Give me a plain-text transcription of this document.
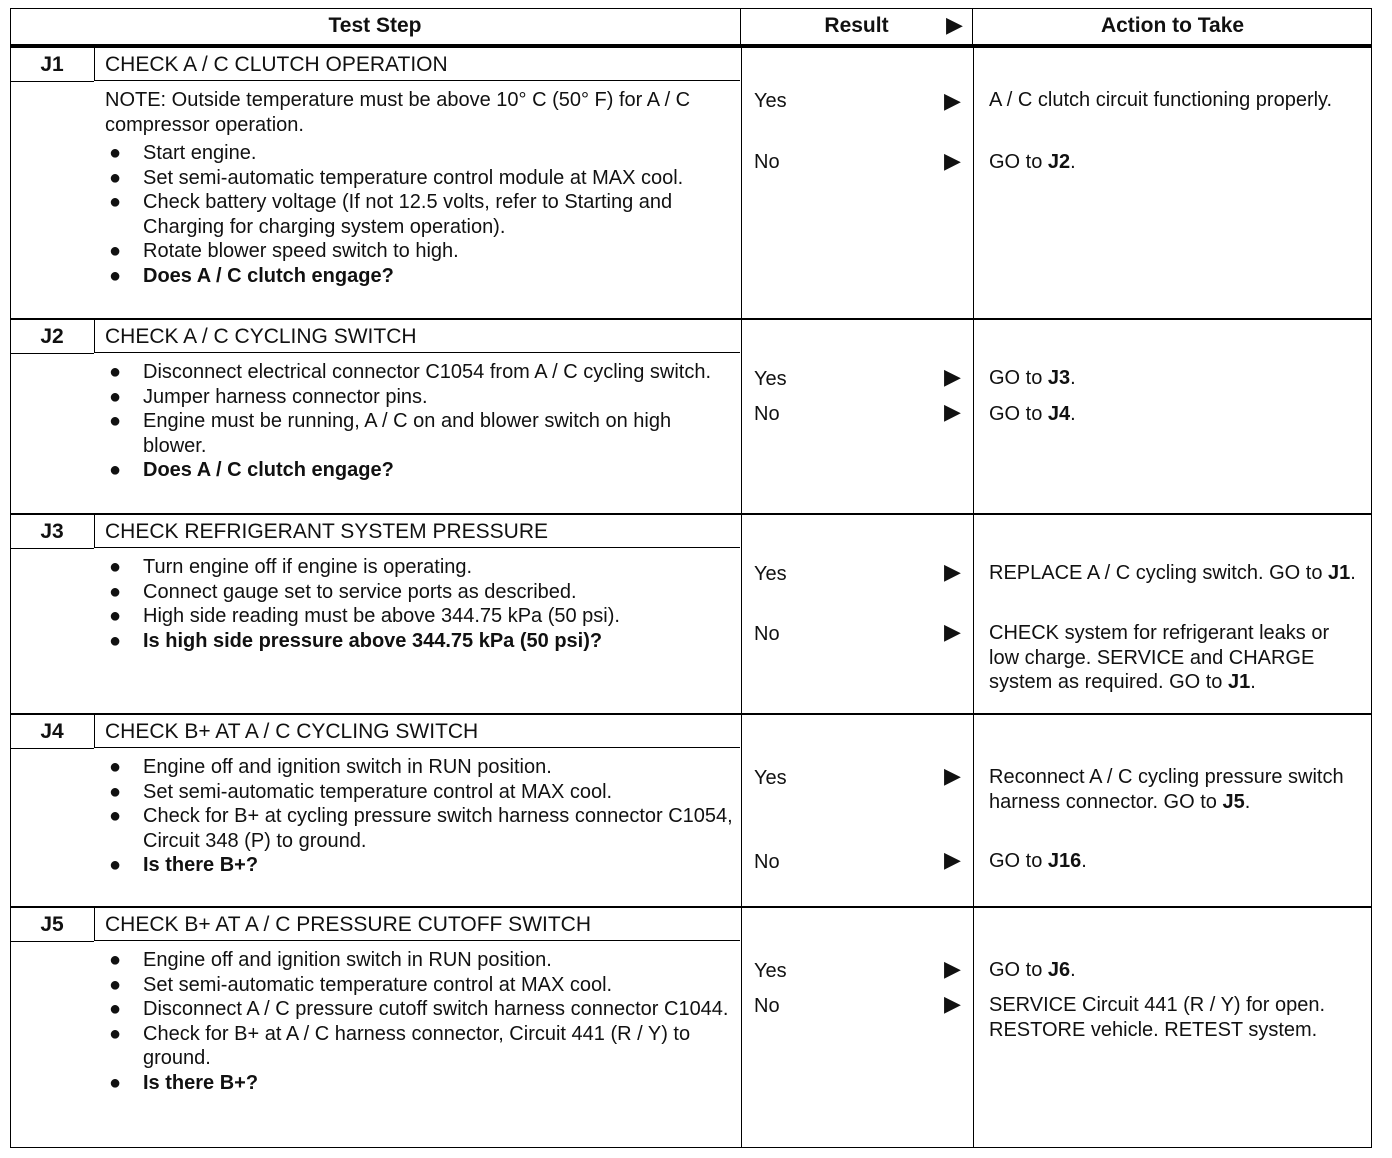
Test Step	Result	▶	Action to Take
J1	CHECK A / C CLUTCH OPERATION
NOTE: Outside temperature must be above 10° C (50° F) for A / C compressor operation.
● Start engine.
● Set semi-automatic temperature control module at MAX cool.
● Check battery voltage (If not 12.5 volts, refer to Starting and Charging for charging system operation).
● Rotate blower speed switch to high.
● Does A / C clutch engage?
Yes	▶ A / C clutch circuit functioning properly.
No	▶ GO to J2.
J2	CHECK A / C CYCLING SWITCH
● Disconnect electrical connector C1054 from A / C cycling switch.
● Jumper harness connector pins.
● Engine must be running, A / C on and blower switch on high blower.
● Does A / C clutch engage?
Yes	▶ GO to J3.
No	▶ GO to J4.
J3	CHECK REFRIGERANT SYSTEM PRESSURE
● Turn engine off if engine is operating.
● Connect gauge set to service ports as described.
● High side reading must be above 344.75 kPa (50 psi).
● Is high side pressure above 344.75 kPa (50 psi)?
Yes	▶ REPLACE A / C cycling switch. GO to J1.
No	▶ CHECK system for refrigerant leaks or low charge. SERVICE and CHARGE system as required. GO to J1.
J4	CHECK B+ AT A / C CYCLING SWITCH
● Engine off and ignition switch in RUN position.
● Set semi-automatic temperature control at MAX cool.
● Check for B+ at cycling pressure switch harness connector C1054, Circuit 348 (P) to ground.
● Is there B+?
Yes	▶ Reconnect A / C cycling pressure switch harness connector. GO to J5.
No	▶ GO to J16.
J5	CHECK B+ AT A / C PRESSURE CUTOFF SWITCH
● Engine off and ignition switch in RUN position.
● Set semi-automatic temperature control at MAX cool.
● Disconnect A / C pressure cutoff switch harness connector C1044.
● Check for B+ at A / C harness connector, Circuit 441 (R / Y) to ground.
● Is there B+?
Yes	▶ GO to J6.
No	▶ SERVICE Circuit 441 (R / Y) for open. RESTORE vehicle. RETEST system.
